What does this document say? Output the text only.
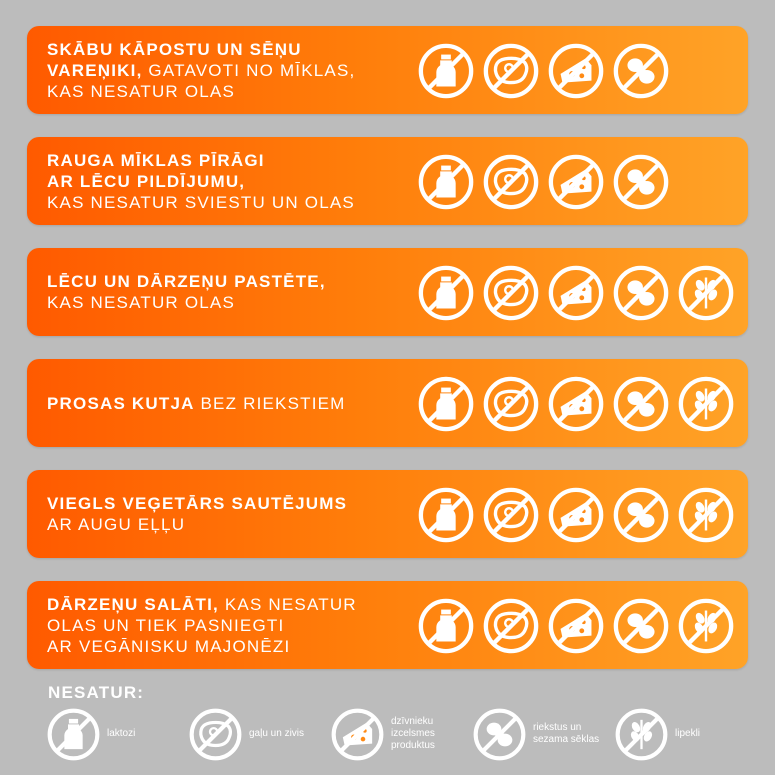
SKĀBU KĀPOSTU UN SĒŅU
VAREŅIKI, GATAVOTI NO MĪKLAS,
KAS NESATUR OLAS
RAUGA MĪKLAS PĪRĀGI
AR LĒCU PILDĪJUMU,
KAS NESATUR SVIESTU UN OLAS
LĒCU UN DĀRZEŅU PASTĒTE,
KAS NESATUR OLAS
PROSAS KUTJA BEZ RIEKSTIEM
VIEGLS VEĢETĀRS SAUTĒJUMS
AR AUGU EĻĻU
DĀRZEŅU SALĀTI, KAS NESATUR
OLAS UN TIEK PASNIEGTI
AR VEGĀNISKU MAJONĒZI
NESATUR:
laktozi	gaļu un zivis
dzīvnieku
izcelsmes
produktus
riekstus un
sezama sēklas
lipekli
